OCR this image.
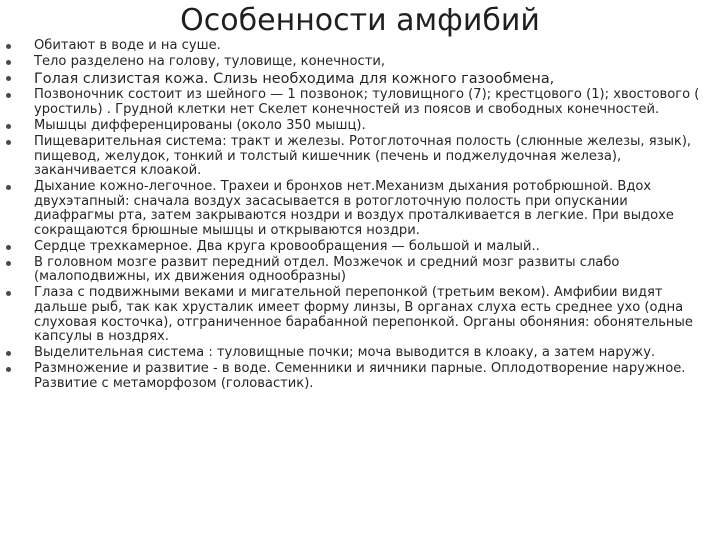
Особенности амфибий
Обитают в воде и на суше.
Тело разделено на голову, туловище, конечности,
Голая слизистая кожа. Слизь необходима для кожного газообмена,
Позвоночник состоит из шейного — 1 позвонок; туловищного (7); крестцового (1); хвостового ( уростиль) . Грудной клетки нет Скелет конечностей из поясов и свободных конечностей.
Мышцы дифференцированы (около 350 мышц).
Пищеварительная система: тракт и железы. Ротоглоточная полость (слюнные железы, язык), пищевод, желудок, тонкий и толстый кишечник (печень и поджелудочная железа), заканчивается клоакой.
Дыхание кожно-легочное. Трахеи и бронхов нет.Механизм дыхания ротобрюшной. Вдох двухэтапный: сначала воздух засасывается в ротоглоточную полость при опускании диафрагмы рта, затем закрываются ноздри и воздух проталкивается в легкие. При выдохе сокращаются брюшные мышцы и открываются ноздри.
Сердце трехкамерное. Два круга кровообращения — большой и малый..
В головном мозге развит передний отдел. Мозжечок и средний мозг развиты слабо (малоподвижны, их движения однообразны)
Глаза с подвижными веками и мигательной перепонкой (третьим веком). Амфибии видят дальше рыб, так как хрусталик имеет форму линзы, В органах слуха есть среднее ухо (одна слуховая косточка), отграниченное барабанной перепонкой. Органы обоняния: обонятельные капсулы в ноздрях.
Выделительная система : туловищные почки; моча выводится в клоаку, а затем наружу.
Размножение и развитие - в воде. Семенники и яичники парные. Оплодотворение наружное. Развитие с метаморфозом (головастик).
